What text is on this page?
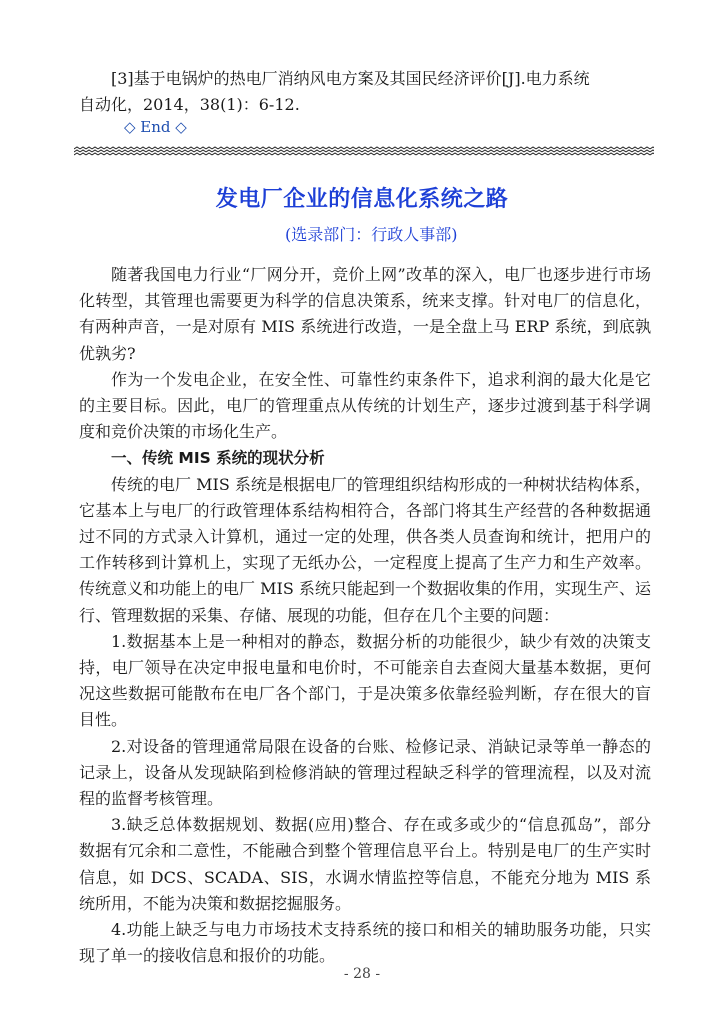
[3]基于电锅炉的热电厂消纳风电方案及其国民经济评价[J].电力系统
自动化，2014，38(1)：6-12.
◇ End ◇
发电厂企业的信息化系统之路
(选录部门：行政人事部)

随著我国电力行业“厂网分开，竞价上网”改革的深入，电厂也逐步进行市场化转型，其管理也需要更为科学的信息决策系，统来支撑。针对电厂的信息化，有两种声音，一是对原有 MIS 系统进行改造，一是全盘上马 ERP 系统，到底孰优孰劣?

作为一个发电企业，在安全性、可靠性约束条件下，追求利润的最大化是它的主要目标。因此，电厂的管理重点从传统的计划生产，逐步过渡到基于科学调度和竞价决策的市场化生产。

一、传统 MIS 系统的现状分析

传统的电厂 MIS 系统是根据电厂的管理组织结构形成的一种树状结构体系，它基本上与电厂的行政管理体系结构相符合，各部门将其生产经营的各种数据通过不同的方式录入计算机，通过一定的处理，供各类人员查询和统计，把用户的工作转移到计算机上，实现了无纸办公，一定程度上提高了生产力和生产效率。传统意义和功能上的电厂 MIS 系统只能起到一个数据收集的作用，实现生产、运行、管理数据的采集、存储、展现的功能，但存在几个主要的问题：

1.数据基本上是一种相对的静态，数据分析的功能很少，缺少有效的决策支持，电厂领导在决定申报电量和电价时，不可能亲自去查阅大量基本数据，更何况这些数据可能散布在电厂各个部门，于是决策多依靠经验判断，存在很大的盲目性。

2.对设备的管理通常局限在设备的台账、检修记录、消缺记录等单一静态的记录上，设备从发现缺陷到检修消缺的管理过程缺乏科学的管理流程，以及对流程的监督考核管理。

3.缺乏总体数据规划、数据(应用)整合、存在或多或少的“信息孤岛”，部分数据有冗余和二意性，不能融合到整个管理信息平台上。特别是电厂的生产实时信息，如 DCS、SCADA、SIS，水调水情监控等信息，不能充分地为 MIS 系统所用，不能为决策和数据挖掘服务。

4.功能上缺乏与电力市场技术支持系统的接口和相关的辅助服务功能，只实现了单一的接收信息和报价的功能。

- 28 -
